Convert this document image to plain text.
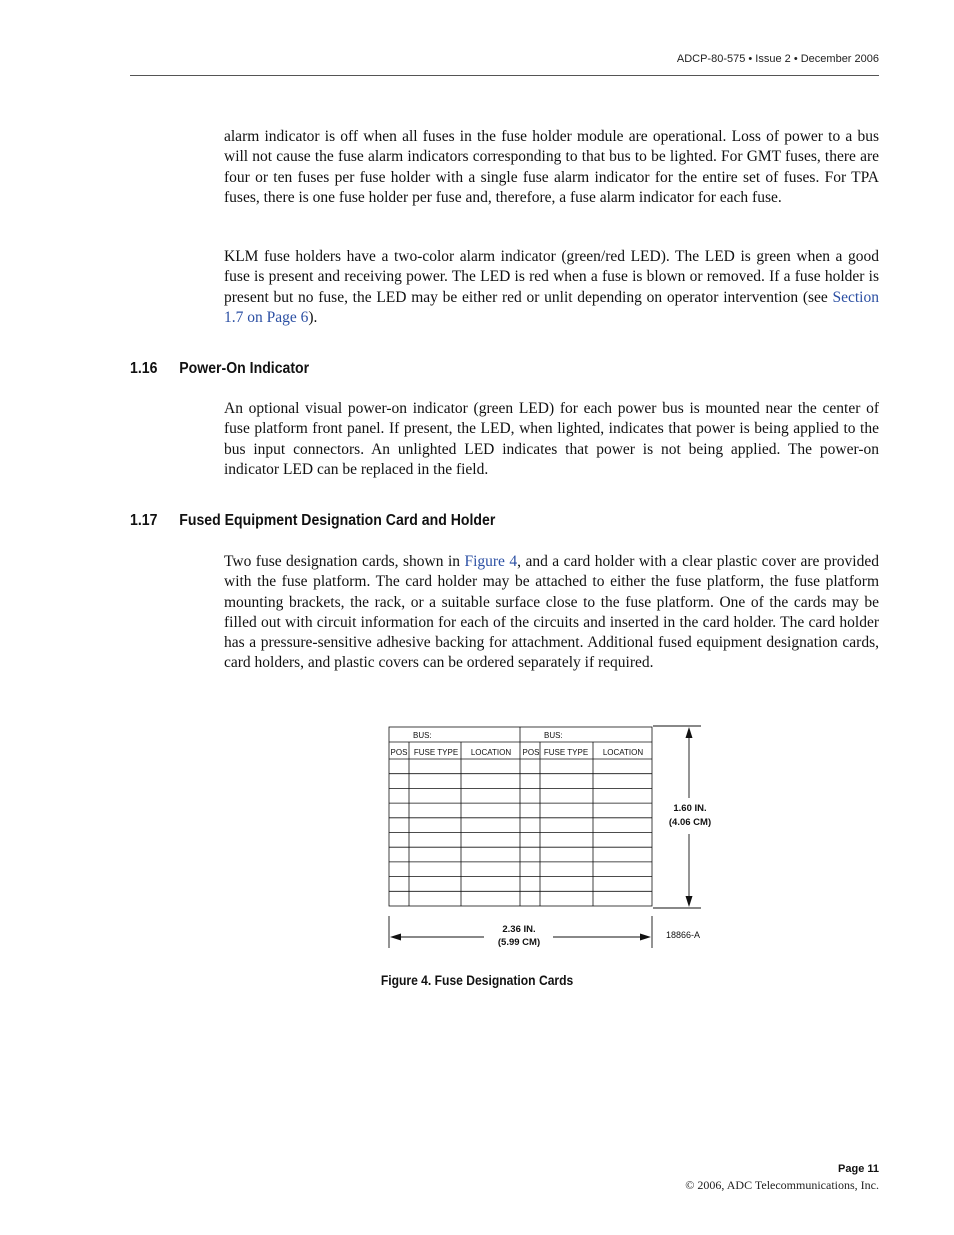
ADCP-80-575 • Issue 2 • December 2006

alarm indicator is off when all fuses in the fuse holder module are operational. Loss of power to a bus will not cause the fuse alarm indicators corresponding to that bus to be lighted. For GMT fuses, there are four or ten fuses per fuse holder with a single fuse alarm indicator for the entire set of fuses. For TPA fuses, there is one fuse holder per fuse and, therefore, a fuse alarm indicator for each fuse.

KLM fuse holders have a two-color alarm indicator (green/red LED). The LED is green when a good fuse is present and receiving power. The LED is red when a fuse is blown or removed. If a fuse holder is present but no fuse, the LED may be either red or unlit depending on operator intervention (see Section 1.7 on Page 6).

1.16 Power-On Indicator

An optional visual power-on indicator (green LED) for each power bus is mounted near the center of fuse platform front panel. If present, the LED, when lighted, indicates that power is being applied to the bus input connectors. An unlighted LED indicates that power is not being applied. The power-on indicator LED can be replaced in the field.

1.17 Fused Equipment Designation Card and Holder

Two fuse designation cards, shown in Figure 4, and a card holder with a clear plastic cover are provided with the fuse platform. The card holder may be attached to either the fuse platform, the fuse platform mounting brackets, the rack, or a suitable surface close to the fuse platform. One of the cards may be filled out with circuit information for each of the circuits and inserted in the card holder. The card holder has a pressure-sensitive adhesive backing for attachment. Additional fused equipment designation cards, card holders, and plastic covers can be ordered separately if required.

BUS:	BUS:
POS FUSE TYPE LOCATION POS FUSE TYPE LOCATION
1.60 IN.
(4.06 CM)
2.36 IN.
(5.99 CM)
18866-A
Figure 4. Fuse Designation Cards
Page 11
© 2006, ADC Telecommunications, Inc.
